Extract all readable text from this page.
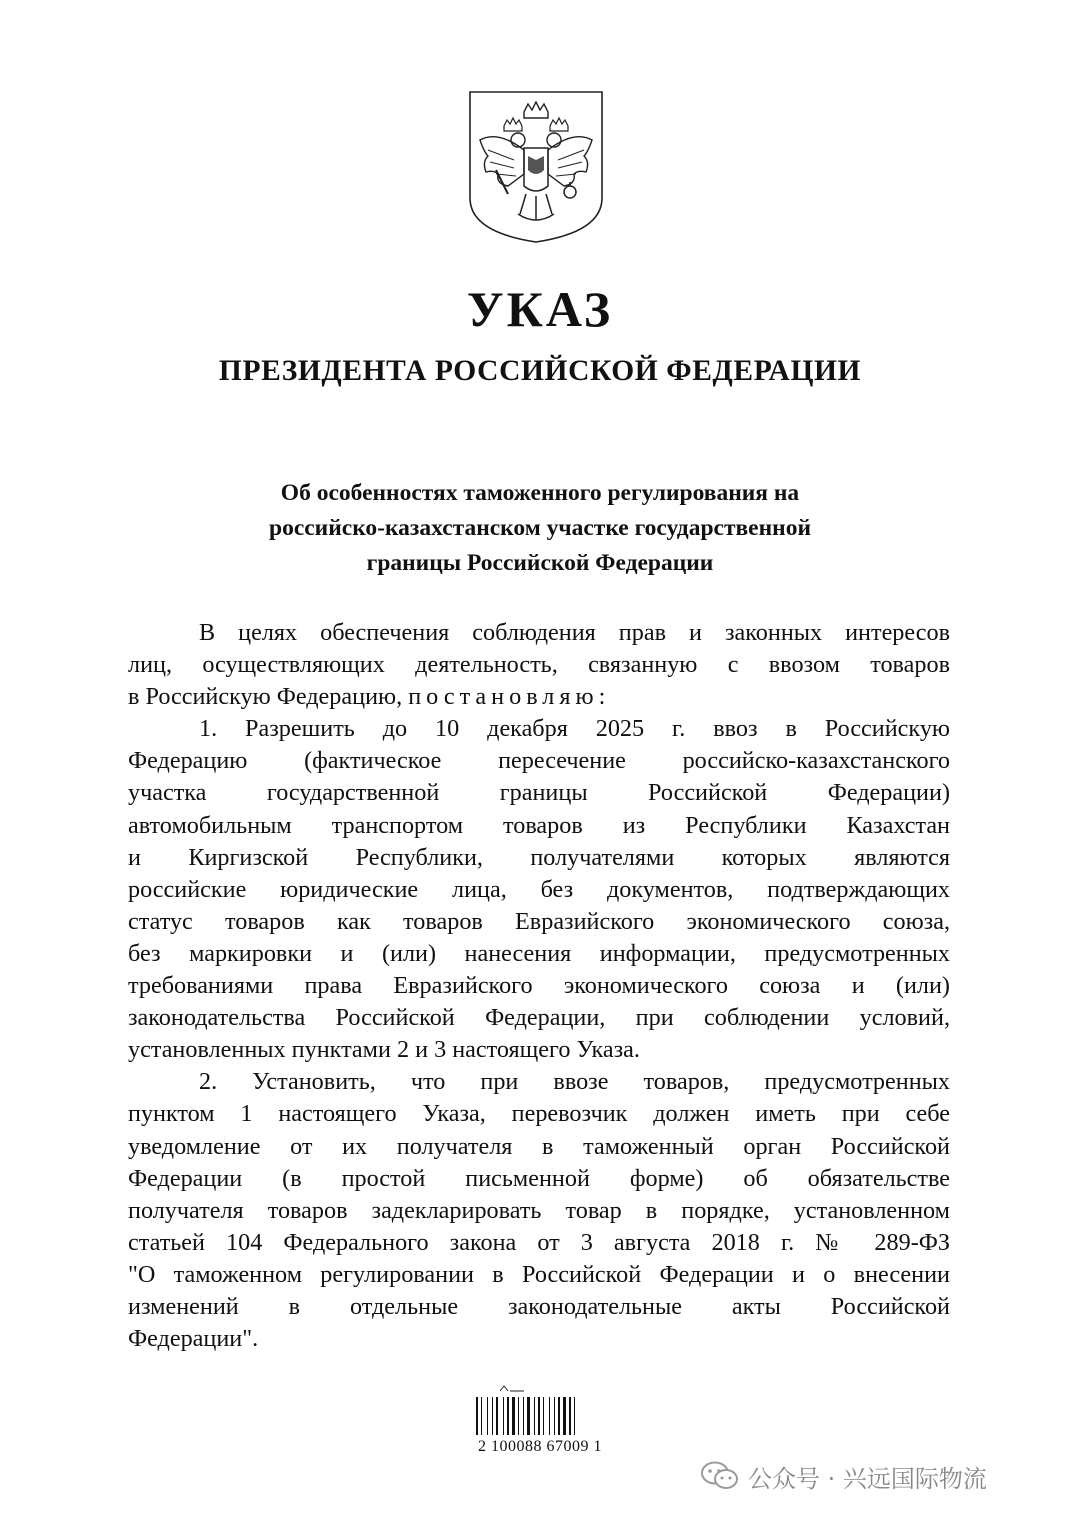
УКАЗ
ПРЕЗИДЕНТА РОССИЙСКОЙ ФЕДЕРАЦИИ
Об особенностях таможенного регулирования на
российско-казахстанском участке государственной
границы Российской Федерации
В целях обеспечения соблюдения прав и законных интересов
лиц, осуществляющих деятельность, связанную с ввозом товаров
в Российскую Федерацию, постановляю:
1. Разрешить до 10 декабря 2025 г. ввоз в Российскую
Федерацию (фактическое пересечение российско-казахстанского
участка государственной границы Российской Федерации)
автомобильным транспортом товаров из Республики Казахстан
и Киргизской Республики, получателями которых являются
российские юридические лица, без документов, подтверждающих
статус товаров как товаров Евразийского экономического союза,
без маркировки и (или) нанесения информации, предусмотренных
требованиями права Евразийского экономического союза и (или)
законодательства Российской Федерации, при соблюдении условий,
установленных пунктами 2 и 3 настоящего Указа.
2. Установить, что при ввозе товаров, предусмотренных
пунктом 1 настоящего Указа, перевозчик должен иметь при себе
уведомление от их получателя в таможенный орган Российской
Федерации (в простой письменной форме) об обязательстве
получателя товаров задекларировать товар в порядке, установленном
статьей 104 Федерального закона от 3 августа 2018 г. № 289-ФЗ
"О таможенном регулировании в Российской Федерации и о внесении
изменений в отдельные законодательные акты Российской
Федерации".
2 100088 67009 1
公众号 · 兴远国际物流
